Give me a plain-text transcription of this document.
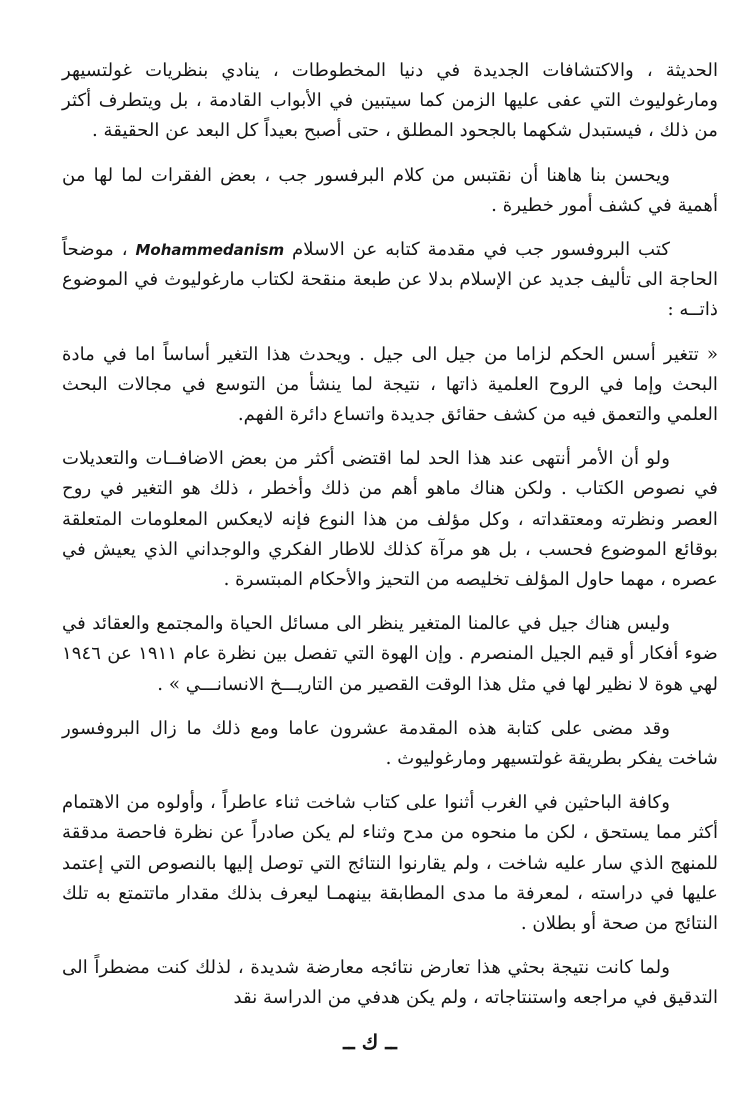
الحديثة ، والاكتشافات الجديدة في دنيا المخطوطات ، ينادي بنظريات غولتسيهر ومارغوليوث التي عفى عليها الزمن كما سيتبين في الأبواب القادمة ، بل ويتطرف أكثر من ذلك ، فيستبدل شكهما بالجحود المطلق ، حتى أصبح بعيداً كل البعد عن الحقيقة .

ويحسن بنا هاهنا أن نقتبس من كلام البرفسور جب ، بعض الفقرات لما لها من أهمية في كشف أمور خطيرة .

كتب البروفسور جب في مقدمة كتابه عن الاسلام Mohammedanism ، موضحاً الحاجة الى تأليف جديد عن الإسلام بدلا عن طبعة منقحة لكتاب مارغوليوث في الموضوع ذاتــه :

« تتغير أسس الحكم لزاما من جيل الى جيل . ويحدث هذا التغير أساساً اما في مادة البحث وإما في الروح العلمية ذاتها ، نتيجة لما ينشأ من التوسع في مجالات البحث العلمي والتعمق فيه من كشف حقائق جديدة واتساع دائرة الفهم.

ولو أن الأمر أنتهى عند هذا الحد لما اقتضى أكثر من بعض الاضافــات والتعديلات في نصوص الكتاب . ولكن هناك ماهو أهم من ذلك وأخطر ، ذلك هو التغير في روح العصر ونظرته ومعتقداته ، وكل مؤلف من هذا النوع فإنه لايعكس المعلومات المتعلقة بوقائع الموضوع فحسب ، بل هو مرآة كذلك للاطار الفكري والوجداني الذي يعيش في عصره ، مهما حاول المؤلف تخليصه من التحيز والأحكام المبتسرة .

وليس هناك جيل في عالمنا المتغير ينظر الى مسائل الحياة والمجتمع والعقائد في ضوء أفكار أو قيم الجيل المنصرم . وإن الهوة التي تفصل بين نظرة عام ١٩١١ عن ١٩٤٦ لهي هوة لا نظير لها في مثل هذا الوقت القصير من التاريـــخ الانسانـــي » .

وقد مضى على كتابة هذه المقدمة عشرون عاما ومع ذلك ما زال البروفسور شاخت يفكر بطريقة غولتسيهر ومارغوليوث .

وكافة الباحثين في الغرب أثنوا على كتاب شاخت ثناء عاطراً ، وأولوه من الاهتمام أكثر مما يستحق ، لكن ما منحوه من مدح وثناء لم يكن صادراً عن نظرة فاحصة مدققة للمنهج الذي سار عليه شاخت ، ولم يقارنوا النتائج التي توصل إليها بالنصوص التي إعتمد عليها في دراسته ، لمعرفة ما مدى المطابقة بينهمـا ليعرف بذلك مقدار ماتتمتع به تلك النتائج من صحة أو بطلان .

ولما كانت نتيجة بحثي هذا تعارض نتائجه معارضة شديدة ، لذلك كنت مضطراً الى التدقيق في مراجعه واستنتاجاته ، ولم يكن هدفي من الدراسة نقد

ــ ك ــ
